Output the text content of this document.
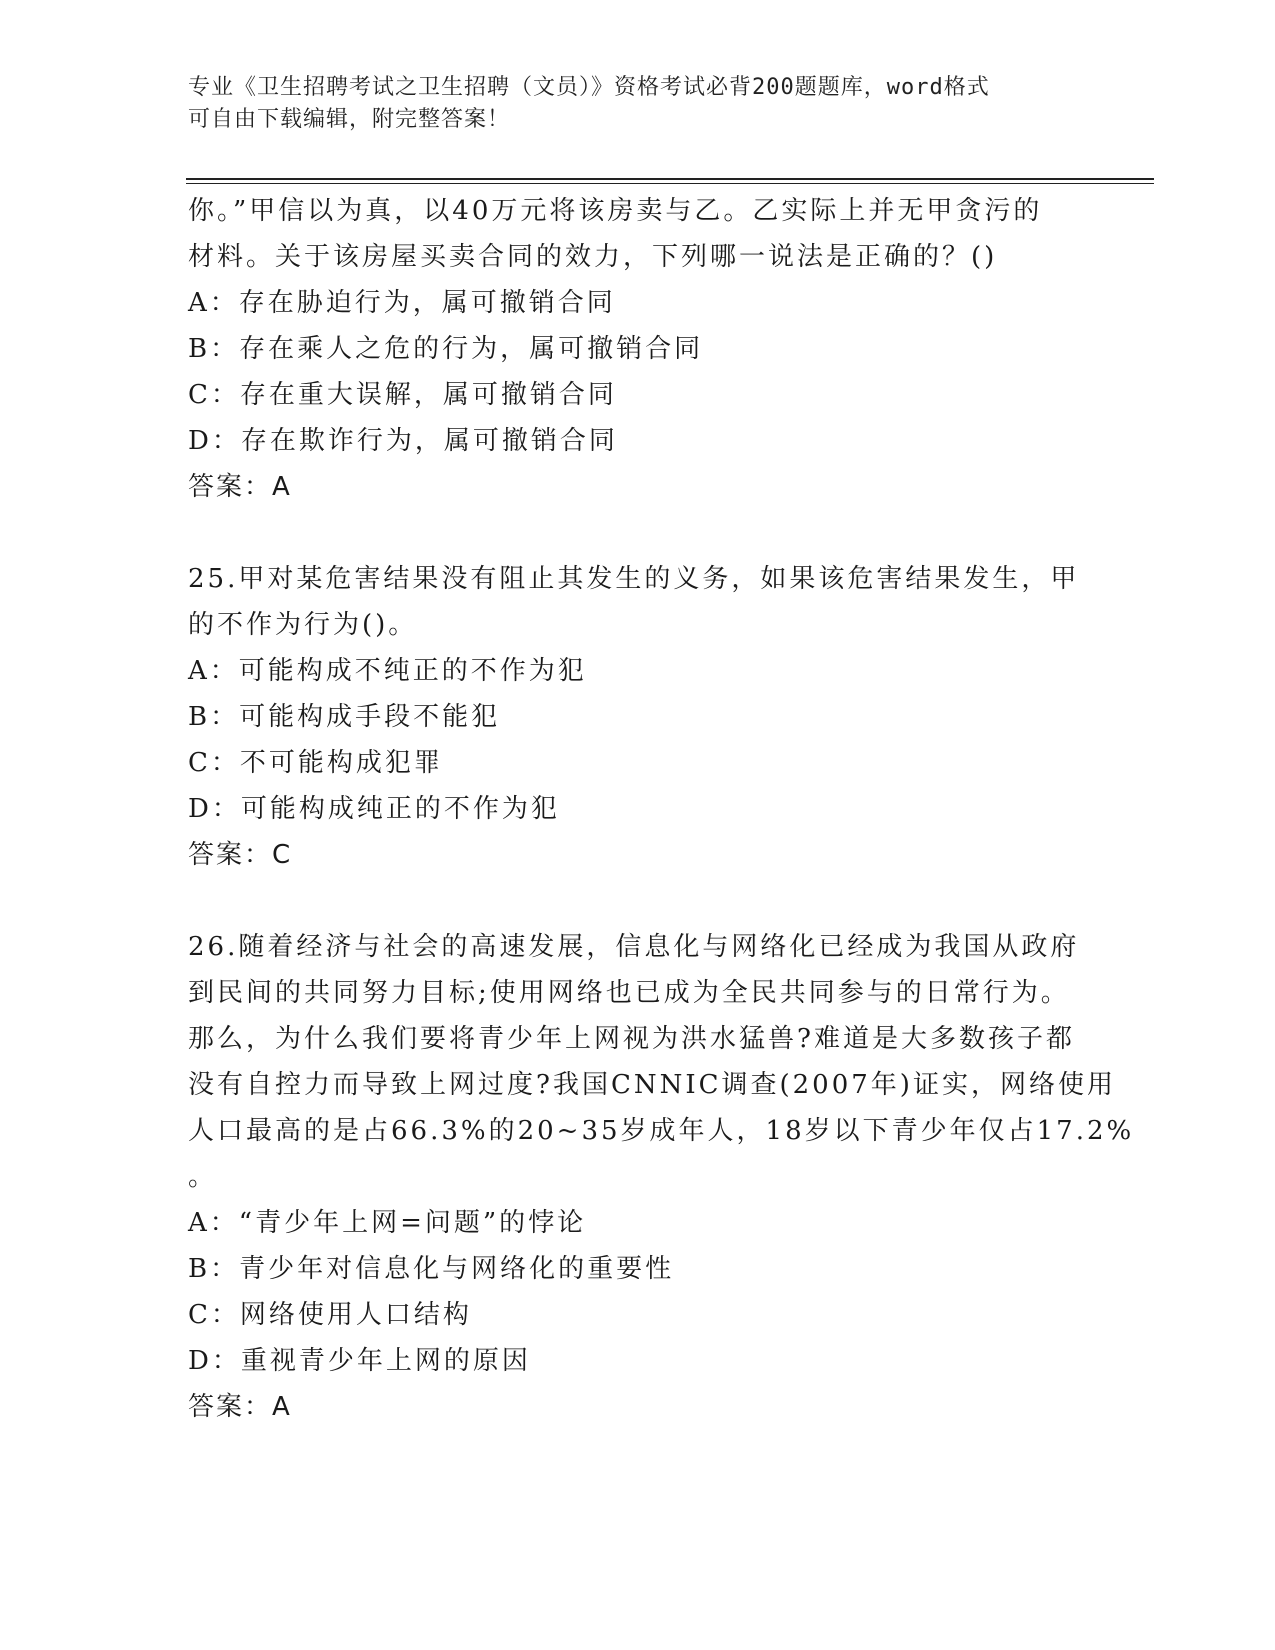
专业《卫生招聘考试之卫生招聘（文员）》资格考试必背200题题库，word格式
可自由下载编辑，附完整答案！
你。”甲信以为真，以40万元将该房卖与乙。乙实际上并无甲贪污的
材料。关于该房屋买卖合同的效力，下列哪一说法是正确的？()
A：存在胁迫行为，属可撤销合同
B：存在乘人之危的行为，属可撤销合同
C：存在重大误解，属可撤销合同
D：存在欺诈行为，属可撤销合同
答案：A
25.甲对某危害结果没有阻止其发生的义务，如果该危害结果发生，甲
的不作为行为()。
A：可能构成不纯正的不作为犯
B：可能构成手段不能犯
C：不可能构成犯罪
D：可能构成纯正的不作为犯
答案：C
26.随着经济与社会的高速发展，信息化与网络化已经成为我国从政府
到民间的共同努力目标;使用网络也已成为全民共同参与的日常行为。
那么，为什么我们要将青少年上网视为洪水猛兽?难道是大多数孩子都
没有自控力而导致上网过度?我国CNNIC调查(2007年)证实，网络使用
人口最高的是占66.3%的20~35岁成年人，18岁以下青少年仅占17.2%
。
A：“青少年上网=问题”的悖论
B：青少年对信息化与网络化的重要性
C：网络使用人口结构
D：重视青少年上网的原因
答案：A
